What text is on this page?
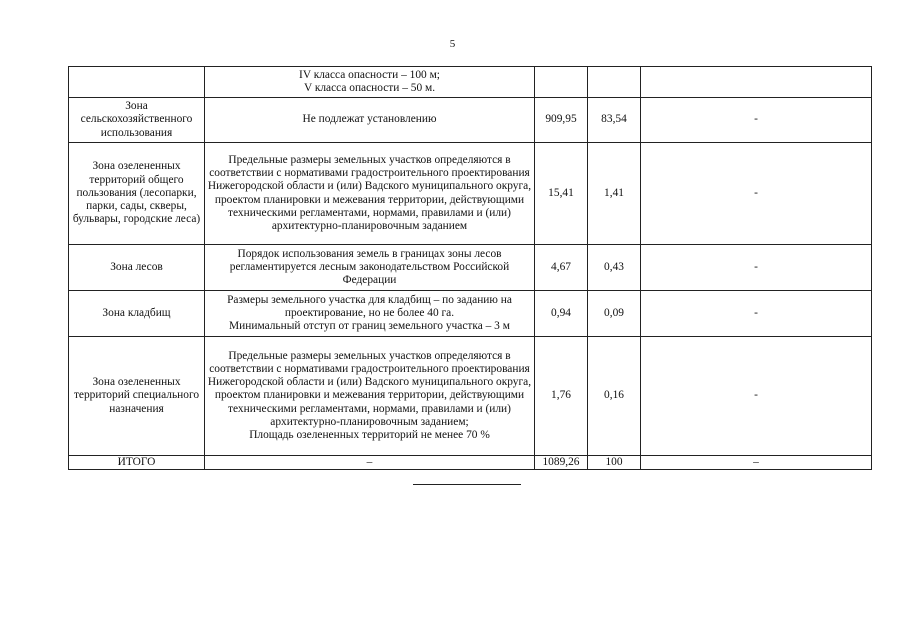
5

	IV класса опасности – 100 м;
V класса опасности – 50 м.			

Зона сельскохозяйственного использования	Не подлежат установлению	909,95	83,54	-
Зона озелененных территорий общего пользования (лесопарки, парки, сады, скверы, бульвары, городские леса)	Предельные размеры земельных участков определяются в соответствии с нормативами градостроительного проектирования Нижегородской области и (или) Вадского муниципального округа, проектом планировки и межевания территории, действующими техническими регламентами, нормами, правилами и (или) архитектурно-планировочным заданием	15,41	1,41	-
Зона лесов	Порядок использования земель в границах зоны лесов регламентируется лесным законодательством Российской Федерации	4,67	0,43	-
Зона кладбищ	Размеры земельного участка для кладбищ – по заданию на проектирование, но не более 40 га.
Минимальный отступ от границ земельного участка – 3 м	0,94	0,09	-
Зона озелененных территорий специального назначения	Предельные размеры земельных участков определяются в соответствии с нормативами градостроительного проектирования Нижегородской области и (или) Вадского муниципального округа, проектом планировки и межевания территории, действующими техническими регламентами, нормами, правилами и (или) архитектурно-планировочным заданием;
Площадь озелененных территорий не менее 70 %	1,76	0,16	-
ИТОГО	–	1089,26	100	–
